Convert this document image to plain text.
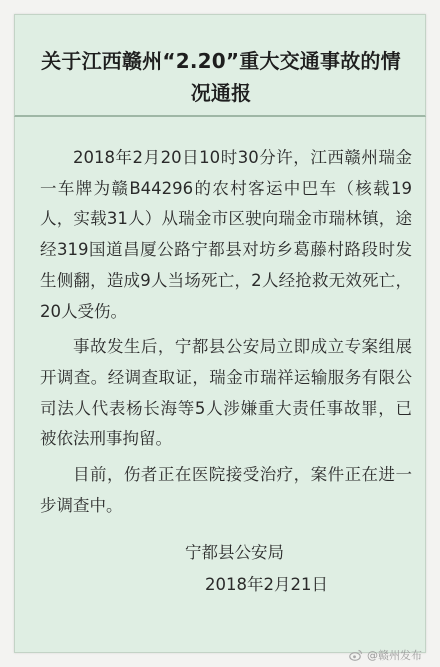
关于江西赣州“2.20”重大交通事故的情况通报

2018年2月20日10时30分许，江西赣州瑞金一车牌为赣B44296的农村客运中巴车（核载19人，实载31人）从瑞金市区驶向瑞金市瑞林镇，途经319国道昌厦公路宁都县对坊乡葛藤村路段时发生侧翻，造成9人当场死亡，2人经抢救无效死亡，20人受伤。

事故发生后，宁都县公安局立即成立专案组展开调查。经调查取证，瑞金市瑞祥运输服务有限公司法人代表杨长海等5人涉嫌重大责任事故罪，已被依法刑事拘留。

目前，伤者正在医院接受治疗，案件正在进一步调查中。

宁都县公安局
2018年2月21日
@赣州发布
